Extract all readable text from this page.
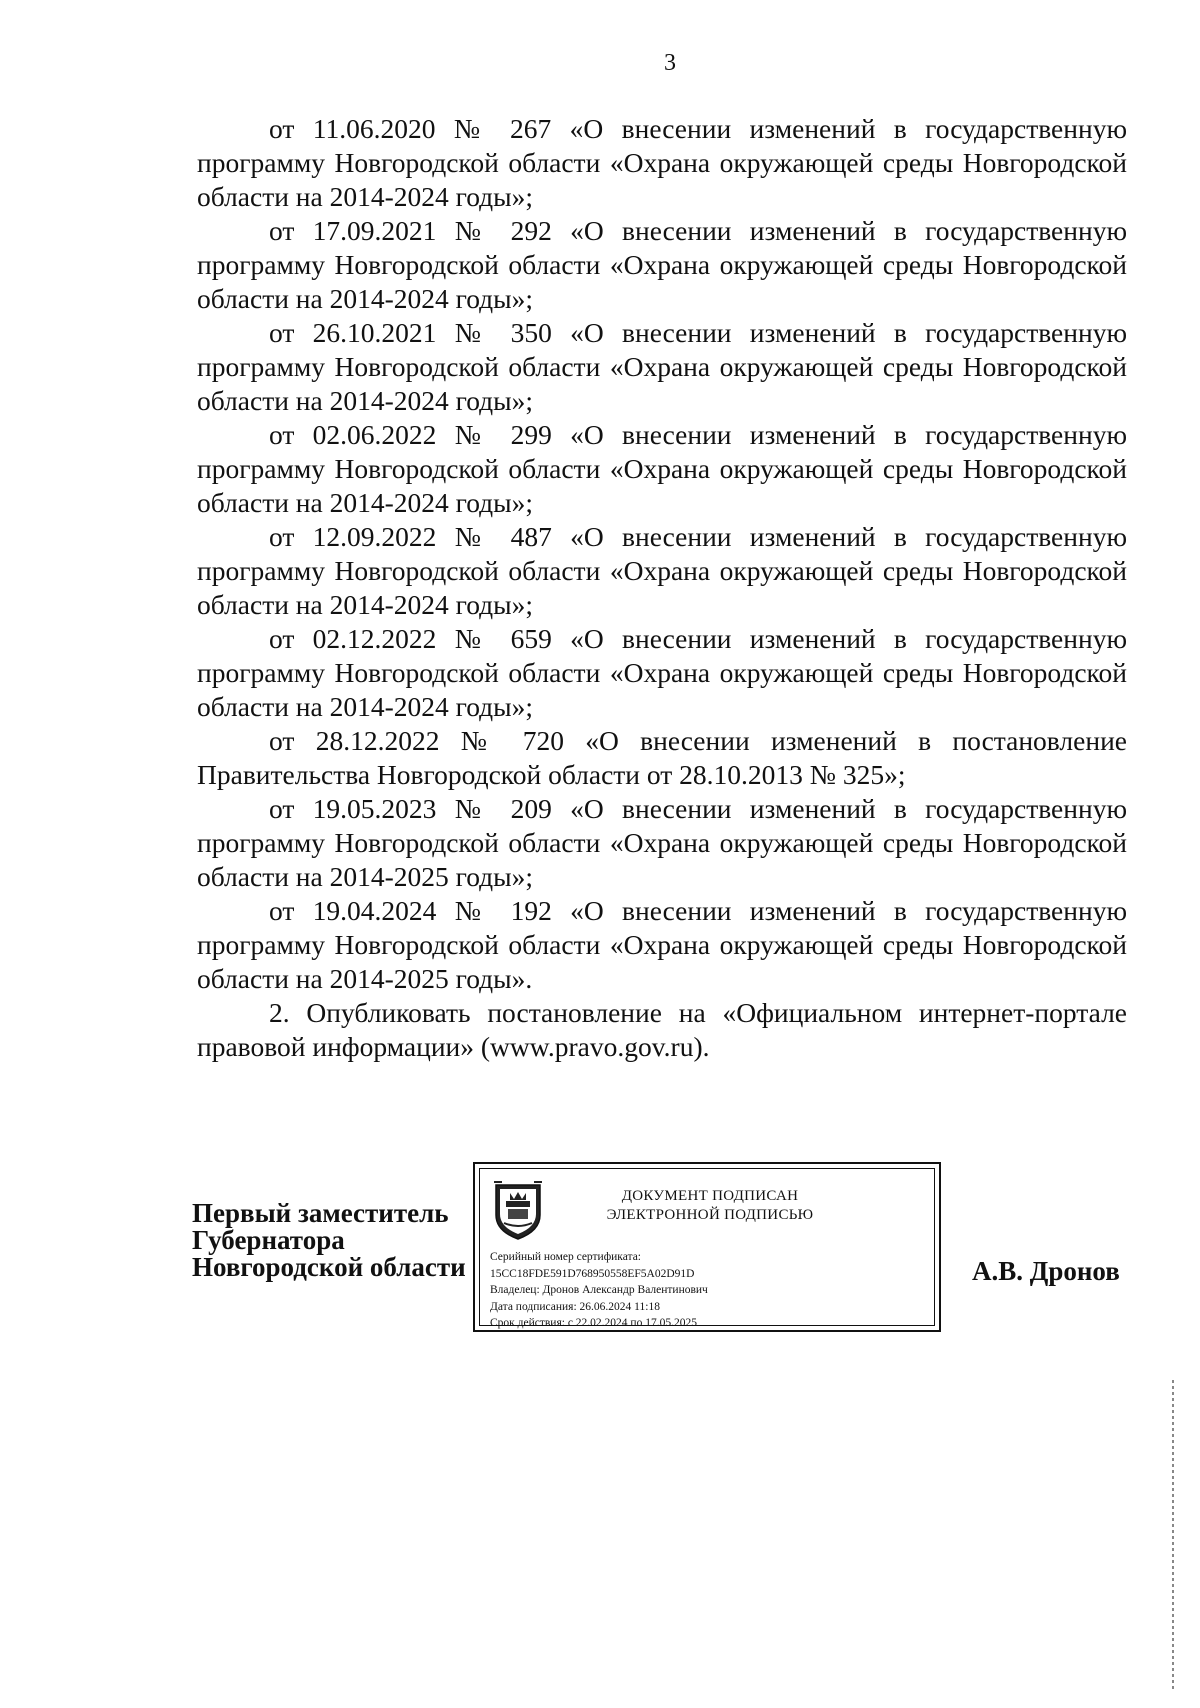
3

от 11.06.2020 № 267 «О внесении изменений в государственную программу Новгородской области «Охрана окружающей среды Новгородской области на 2014-2024 годы»;

от 17.09.2021 № 292 «О внесении изменений в государственную программу Новгородской области «Охрана окружающей среды Новгородской области на 2014-2024 годы»;

от 26.10.2021 № 350 «О внесении изменений в государственную программу Новгородской области «Охрана окружающей среды Новгородской области на 2014-2024 годы»;

от 02.06.2022 № 299 «О внесении изменений в государственную программу Новгородской области «Охрана окружающей среды Новгородской области на 2014-2024 годы»;

от 12.09.2022 № 487 «О внесении изменений в государственную программу Новгородской области «Охрана окружающей среды Новгородской области на 2014-2024 годы»;

от 02.12.2022 № 659 «О внесении изменений в государственную программу Новгородской области «Охрана окружающей среды Новгородской области на 2014-2024 годы»;

от 28.12.2022 № 720 «О внесении изменений в постановление Правительства Новгородской области от 28.10.2013 № 325»;

от 19.05.2023 № 209 «О внесении изменений в государственную программу Новгородской области «Охрана окружающей среды Новгородской области на 2014-2025 годы»;

от 19.04.2024 № 192 «О внесении изменений в государственную программу Новгородской области «Охрана окружающей среды Новгородской области на 2014-2025 годы».

2. Опубликовать постановление на «Официальном интернет-портале правовой информации» (www.pravo.gov.ru).

Первый заместитель
Губернатора
Новгородской области
ДОКУМЕНТ ПОДПИСАН
ЭЛЕКТРОННОЙ ПОДПИСЬЮ
Серийный номер сертификата:
15CC18FDE591D768950558EF5A02D91D
Владелец: Дронов Александр Валентинович
Дата подписания: 26.06.2024 11:18
Срок действия: с 22.02.2024 по 17.05.2025
А.В. Дронов
